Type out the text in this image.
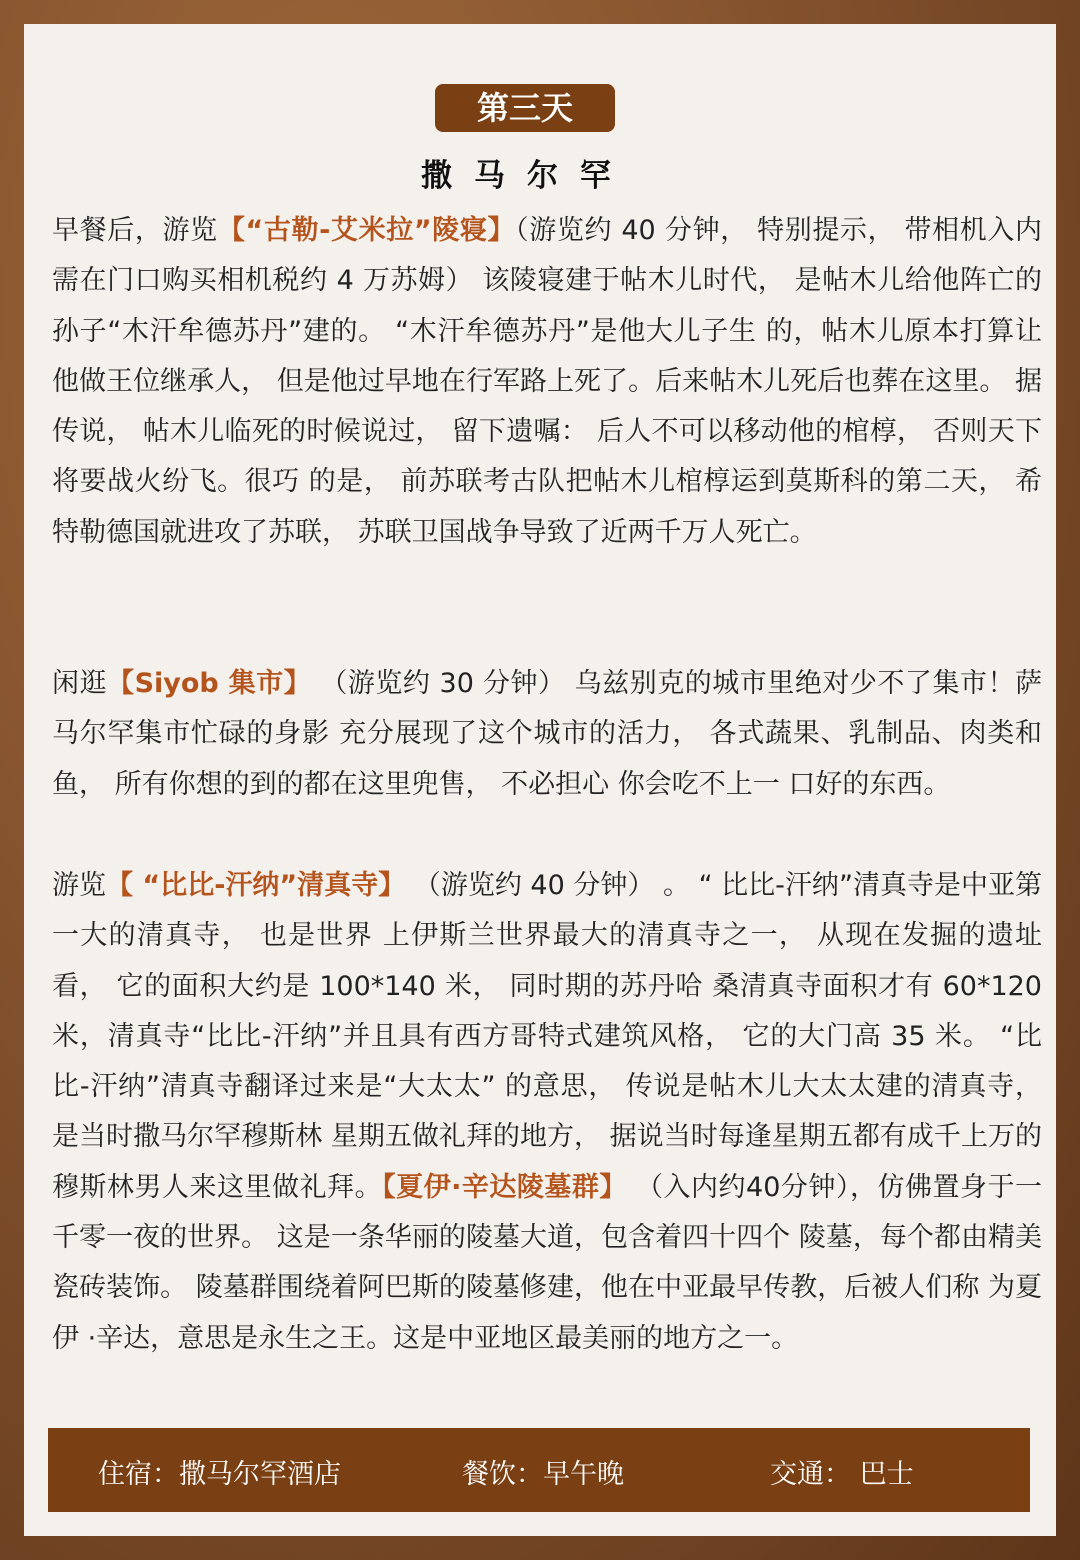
第三天
撒马尔罕

早餐后，游览【“古勒-艾米拉”陵寝】（游览约 40 分钟， 特别提示， 带相机入内需在门口购买相机税约 4 万苏姆） 该陵寝建于帖木儿时代， 是帖木儿给他阵亡的孙子“木汗牟德苏丹”建的。 “木汗牟德苏丹”是他大儿子生 的，帖木儿原本打算让他做王位继承人， 但是他过早地在行军路上死了。后来帖木儿死后也葬在这里。 据传说， 帖木儿临死的时候说过， 留下遗嘱： 后人不可以移动他的棺椁， 否则天下将要战火纷飞。很巧 的是， 前苏联考古队把帖木儿棺椁运到莫斯科的第二天， 希特勒德国就进攻了苏联， 苏联卫国战争导致了近两千万人死亡。

闲逛【Siyob 集市】 （游览约 30 分钟） 乌兹别克的城市里绝对少不了集市！萨马尔罕集市忙碌的身影 充分展现了这个城市的活力， 各式蔬果、乳制品、肉类和鱼， 所有你想的到的都在这里兜售， 不必担心 你会吃不上一 口好的东西。

游览【 “比比-汗纳”清真寺】 （游览约 40 分钟） 。 “ 比比-汗纳”清真寺是中亚第一大的清真寺， 也是世界 上伊斯兰世界最大的清真寺之一， 从现在发掘的遗址看， 它的面积大约是 100*140 米， 同时期的苏丹哈 桑清真寺面积才有 60*120 米，清真寺“比比-汗纳”并且具有西方哥特式建筑风格， 它的大门高 35 米。 “比 比-汗纳”清真寺翻译过来是“大太太” 的意思， 传说是帖木儿大太太建的清真寺， 是当时撒马尔罕穆斯林 星期五做礼拜的地方， 据说当时每逢星期五都有成千上万的穆斯林男人来这里做礼拜。【夏伊·辛达陵墓群】 （入内约40分钟），仿佛置身于一千零一夜的世界。 这是一条华丽的陵墓大道，包含着四十四个 陵墓，每个都由精美瓷砖装饰。 陵墓群围绕着阿巴斯的陵墓修建，他在中亚最早传教，后被人们称 为夏伊 ·辛达，意思是永生之王。这是中亚地区最美丽的地方之一。

住宿：撒马尔罕酒店	餐饮：早午晚	交通： 巴士
